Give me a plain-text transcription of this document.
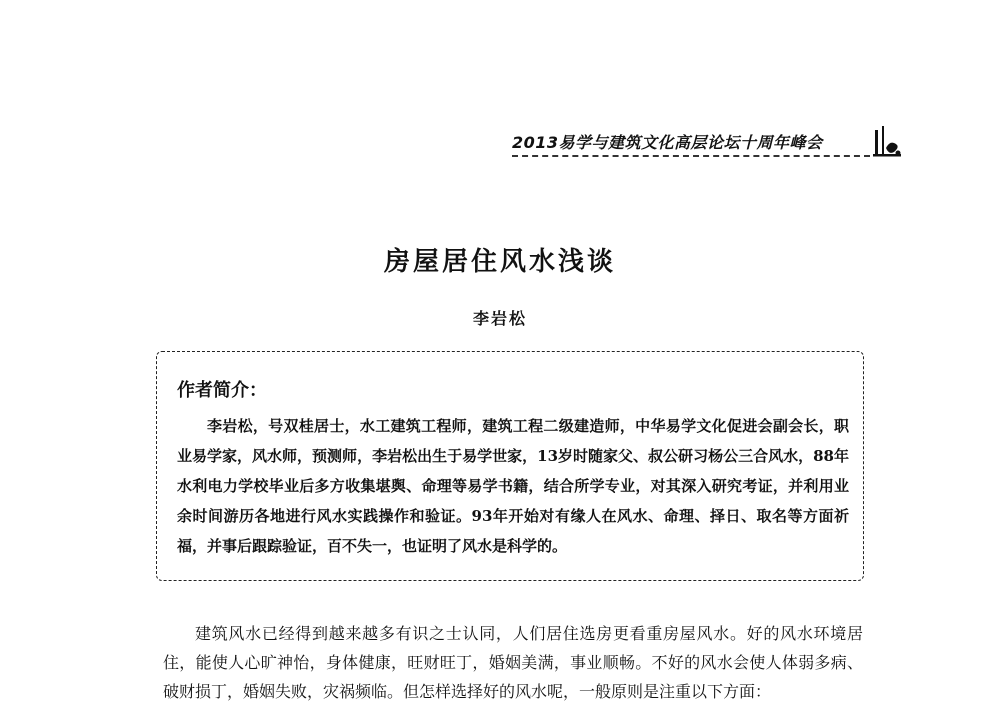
2013易学与建筑文化高层论坛十周年峰会
房屋居住风水浅谈
李岩松
作者简介：

李岩松，号双桂居士，水工建筑工程师，建筑工程二级建造师，中华易学文化促进会副会长，职业易学家，风水师，预测师，李岩松出生于易学世家，13岁时随家父、叔公研习杨公三合风水，88年水利电力学校毕业后多方收集堪舆、命理等易学书籍，结合所学专业，对其深入研究考证，并利用业余时间游历各地进行风水实践操作和验证。93年开始对有缘人在风水、命理、择日、取名等方面祈福，并事后跟踪验证，百不失一，也证明了风水是科学的。

建筑风水已经得到越来越多有识之士认同，人们居住选房更看重房屋风水。好的风水环境居住，能使人心旷神怡，身体健康，旺财旺丁，婚姻美满，事业顺畅。不好的风水会使人体弱多病、破财损丁，婚姻失败，灾祸频临。但怎样选择好的风水呢，一般原则是注重以下方面：
